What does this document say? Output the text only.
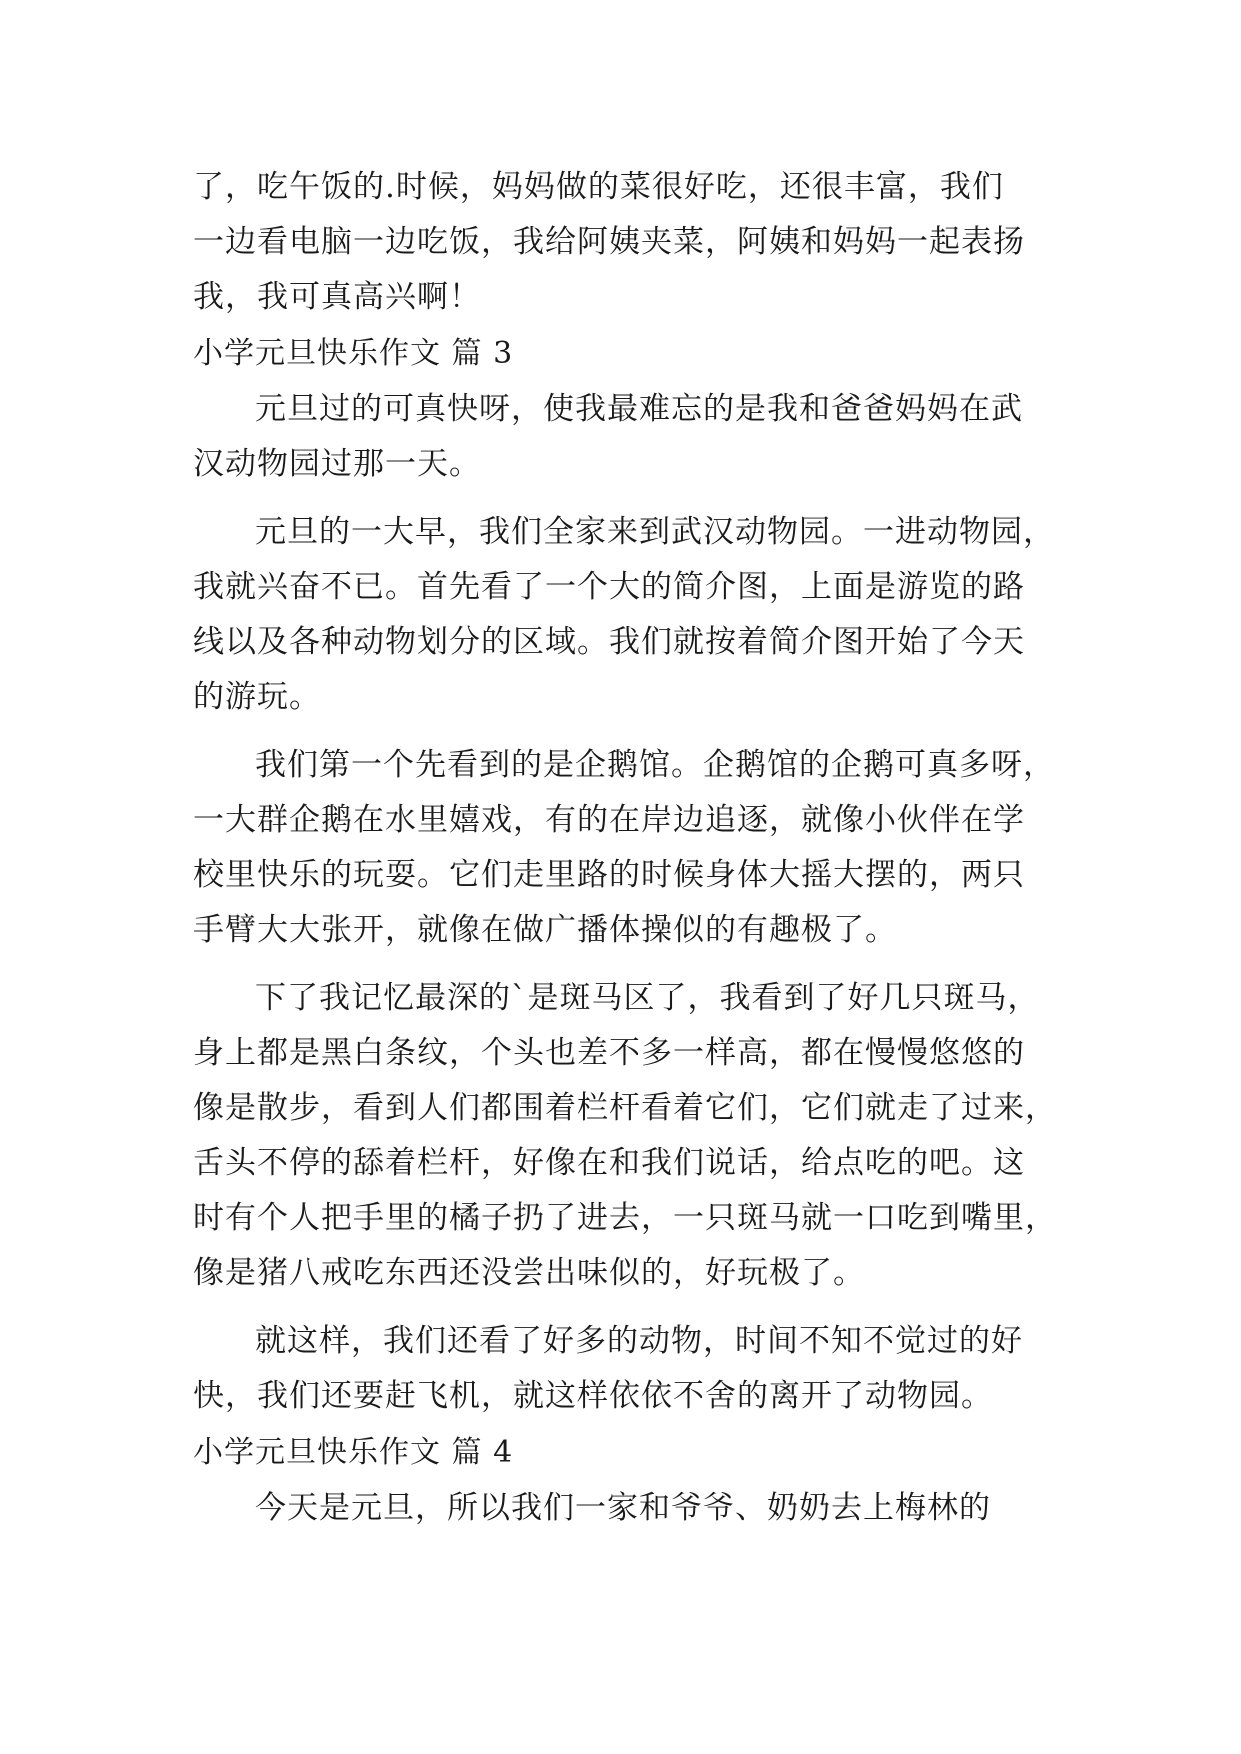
了，吃午饭的.时候，妈妈做的菜很好吃，还很丰富，我们
一边看电脑一边吃饭，我给阿姨夹菜，阿姨和妈妈一起表扬
我，我可真高兴啊！
小学元旦快乐作文 篇 3
元旦过的可真快呀，使我最难忘的是我和爸爸妈妈在武
汉动物园过那一天。
元旦的一大早，我们全家来到武汉动物园。一进动物园，
我就兴奋不已。首先看了一个大的简介图，上面是游览的路
线以及各种动物划分的区域。我们就按着简介图开始了今天
的游玩。
我们第一个先看到的是企鹅馆。企鹅馆的企鹅可真多呀，
一大群企鹅在水里嬉戏，有的在岸边追逐，就像小伙伴在学
校里快乐的玩耍。它们走里路的时候身体大摇大摆的，两只
手臂大大张开，就像在做广播体操似的有趣极了。
下了我记忆最深的`是斑马区了，我看到了好几只斑马，
身上都是黑白条纹，个头也差不多一样高，都在慢慢悠悠的
像是散步，看到人们都围着栏杆看着它们，它们就走了过来，
舌头不停的舔着栏杆，好像在和我们说话，给点吃的吧。这
时有个人把手里的橘子扔了进去，一只斑马就一口吃到嘴里，
像是猪八戒吃东西还没尝出味似的，好玩极了。
就这样，我们还看了好多的动物，时间不知不觉过的好
快，我们还要赶飞机，就这样依依不舍的离开了动物园。
小学元旦快乐作文 篇 4
今天是元旦，所以我们一家和爷爷、奶奶去上梅林的
